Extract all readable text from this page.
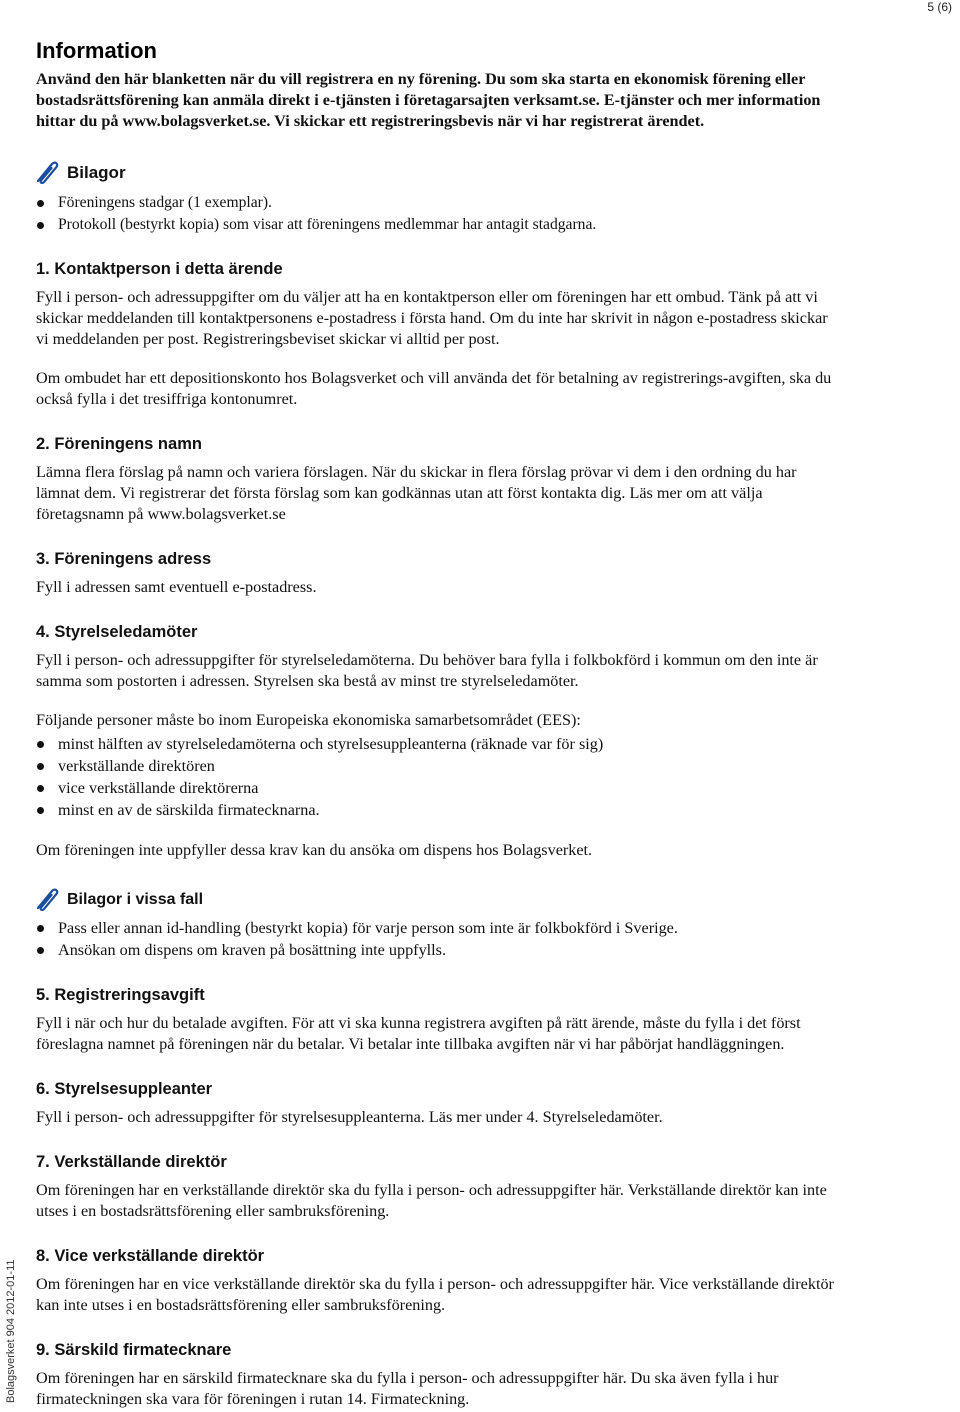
5 (6)
Bolagsverket 904 2012-01-11
Information

Använd den här blanketten när du vill registrera en ny förening. Du som ska starta en ekonomisk förening eller bostadsrättsförening kan anmäla direkt i e-tjänsten i företagarsajten verksamt.se. E-tjänster och mer information hittar du på www.bolagsverket.se. Vi skickar ett registreringsbevis när vi har registrerat ärendet.

Bilagor
Föreningens stadgar (1 exemplar).
Protokoll (bestyrkt kopia) som visar att föreningens medlemmar har antagit stadgarna.
1. Kontaktperson i detta ärende

Fyll i person- och adressuppgifter om du väljer att ha en kontaktperson eller om föreningen har ett ombud. Tänk på att vi skickar meddelanden till kontaktpersonens e-postadress i första hand. Om du inte har skrivit in någon e-postadress skickar vi meddelanden per post. Registreringsbeviset skickar vi alltid per post.

Om ombudet har ett depositionskonto hos Bolagsverket och vill använda det för betalning av registrerings-avgiften, ska du också fylla i det tresiffriga kontonumret.

2. Föreningens namn

Lämna flera förslag på namn och variera förslagen. När du skickar in flera förslag prövar vi dem i den ordning du har lämnat dem. Vi registrerar det första förslag som kan godkännas utan att först kontakta dig. Läs mer om att välja företagsnamn på www.bolagsverket.se

3. Föreningens adress

Fyll i adressen samt eventuell e-postadress.

4. Styrelseledamöter

Fyll i person- och adressuppgifter för styrelseledamöterna. Du behöver bara fylla i folkbokförd i kommun om den inte är samma som postorten i adressen. Styrelsen ska bestå av minst tre styrelseledamöter.

Följande personer måste bo inom Europeiska ekonomiska samarbetsområdet (EES):

minst hälften av styrelseledamöterna och styrelsesuppleanterna (räknade var för sig)
verkställande direktören
vice verkställande direktörerna
minst en av de särskilda firmatecknarna.

Om föreningen inte uppfyller dessa krav kan du ansöka om dispens hos Bolagsverket.

Bilagor i vissa fall
Pass eller annan id-handling (bestyrkt kopia) för varje person som inte är folkbokförd i Sverige.
Ansökan om dispens om kraven på bosättning inte uppfylls.
5. Registreringsavgift

Fyll i när och hur du betalade avgiften. För att vi ska kunna registrera avgiften på rätt ärende, måste du fylla i det först föreslagna namnet på föreningen när du betalar. Vi betalar inte tillbaka avgiften när vi har påbörjat handläggningen.

6. Styrelsesuppleanter

Fyll i person- och adressuppgifter för styrelsesuppleanterna. Läs mer under 4. Styrelseledamöter.

7. Verkställande direktör

Om föreningen har en verkställande direktör ska du fylla i person- och adressuppgifter här. Verkställande direktör kan inte utses i en bostadsrättsförening eller sambruksförening.

8. Vice verkställande direktör

Om föreningen har en vice verkställande direktör ska du fylla i person- och adressuppgifter här. Vice verkställande direktör kan inte utses i en bostadsrättsförening eller sambruksförening.

9. Särskild firmatecknare

Om föreningen har en särskild firmatecknare ska du fylla i person- och adressuppgifter här. Du ska även fylla i hur firmateckningen ska vara för föreningen i rutan 14. Firmateckning.
